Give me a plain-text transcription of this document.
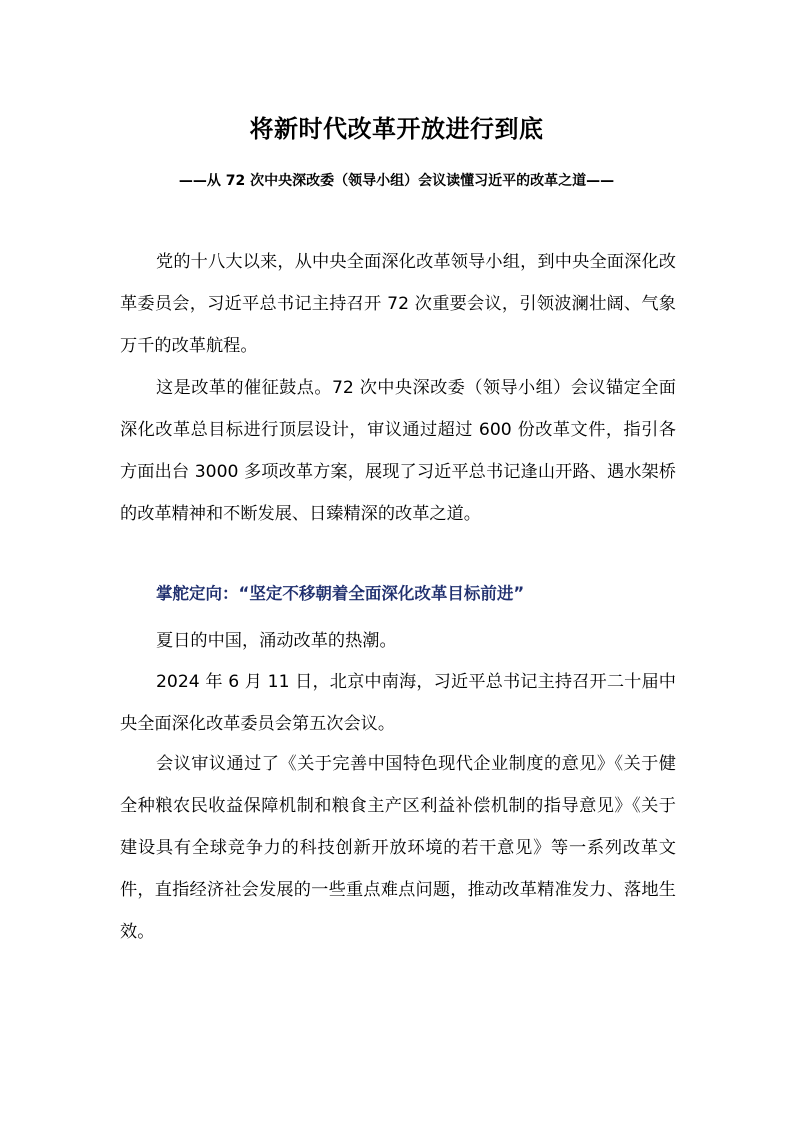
将新时代改革开放进行到底
——从 72 次中央深改委（领导小组）会议读懂习近平的改革之道——

党的十八大以来，从中央全面深化改革领导小组，到中央全面深化改革委员会，习近平总书记主持召开 72 次重要会议，引领波澜壮阔、气象万千的改革航程。

这是改革的催征鼓点。72 次中央深改委（领导小组）会议锚定全面深化改革总目标进行顶层设计，审议通过超过 600 份改革文件，指引各方面出台 3000 多项改革方案，展现了习近平总书记逢山开路、遇水架桥的改革精神和不断发展、日臻精深的改革之道。

掌舵定向：“坚定不移朝着全面深化改革目标前进”

夏日的中国，涌动改革的热潮。

2024 年 6 月 11 日，北京中南海，习近平总书记主持召开二十届中央全面深化改革委员会第五次会议。

会议审议通过了《关于完善中国特色现代企业制度的意见》《关于健全种粮农民收益保障机制和粮食主产区利益补偿机制的指导意见》《关于建设具有全球竞争力的科技创新开放环境的若干意见》等一系列改革文件，直指经济社会发展的一些重点难点问题，推动改革精准发力、落地生效。
